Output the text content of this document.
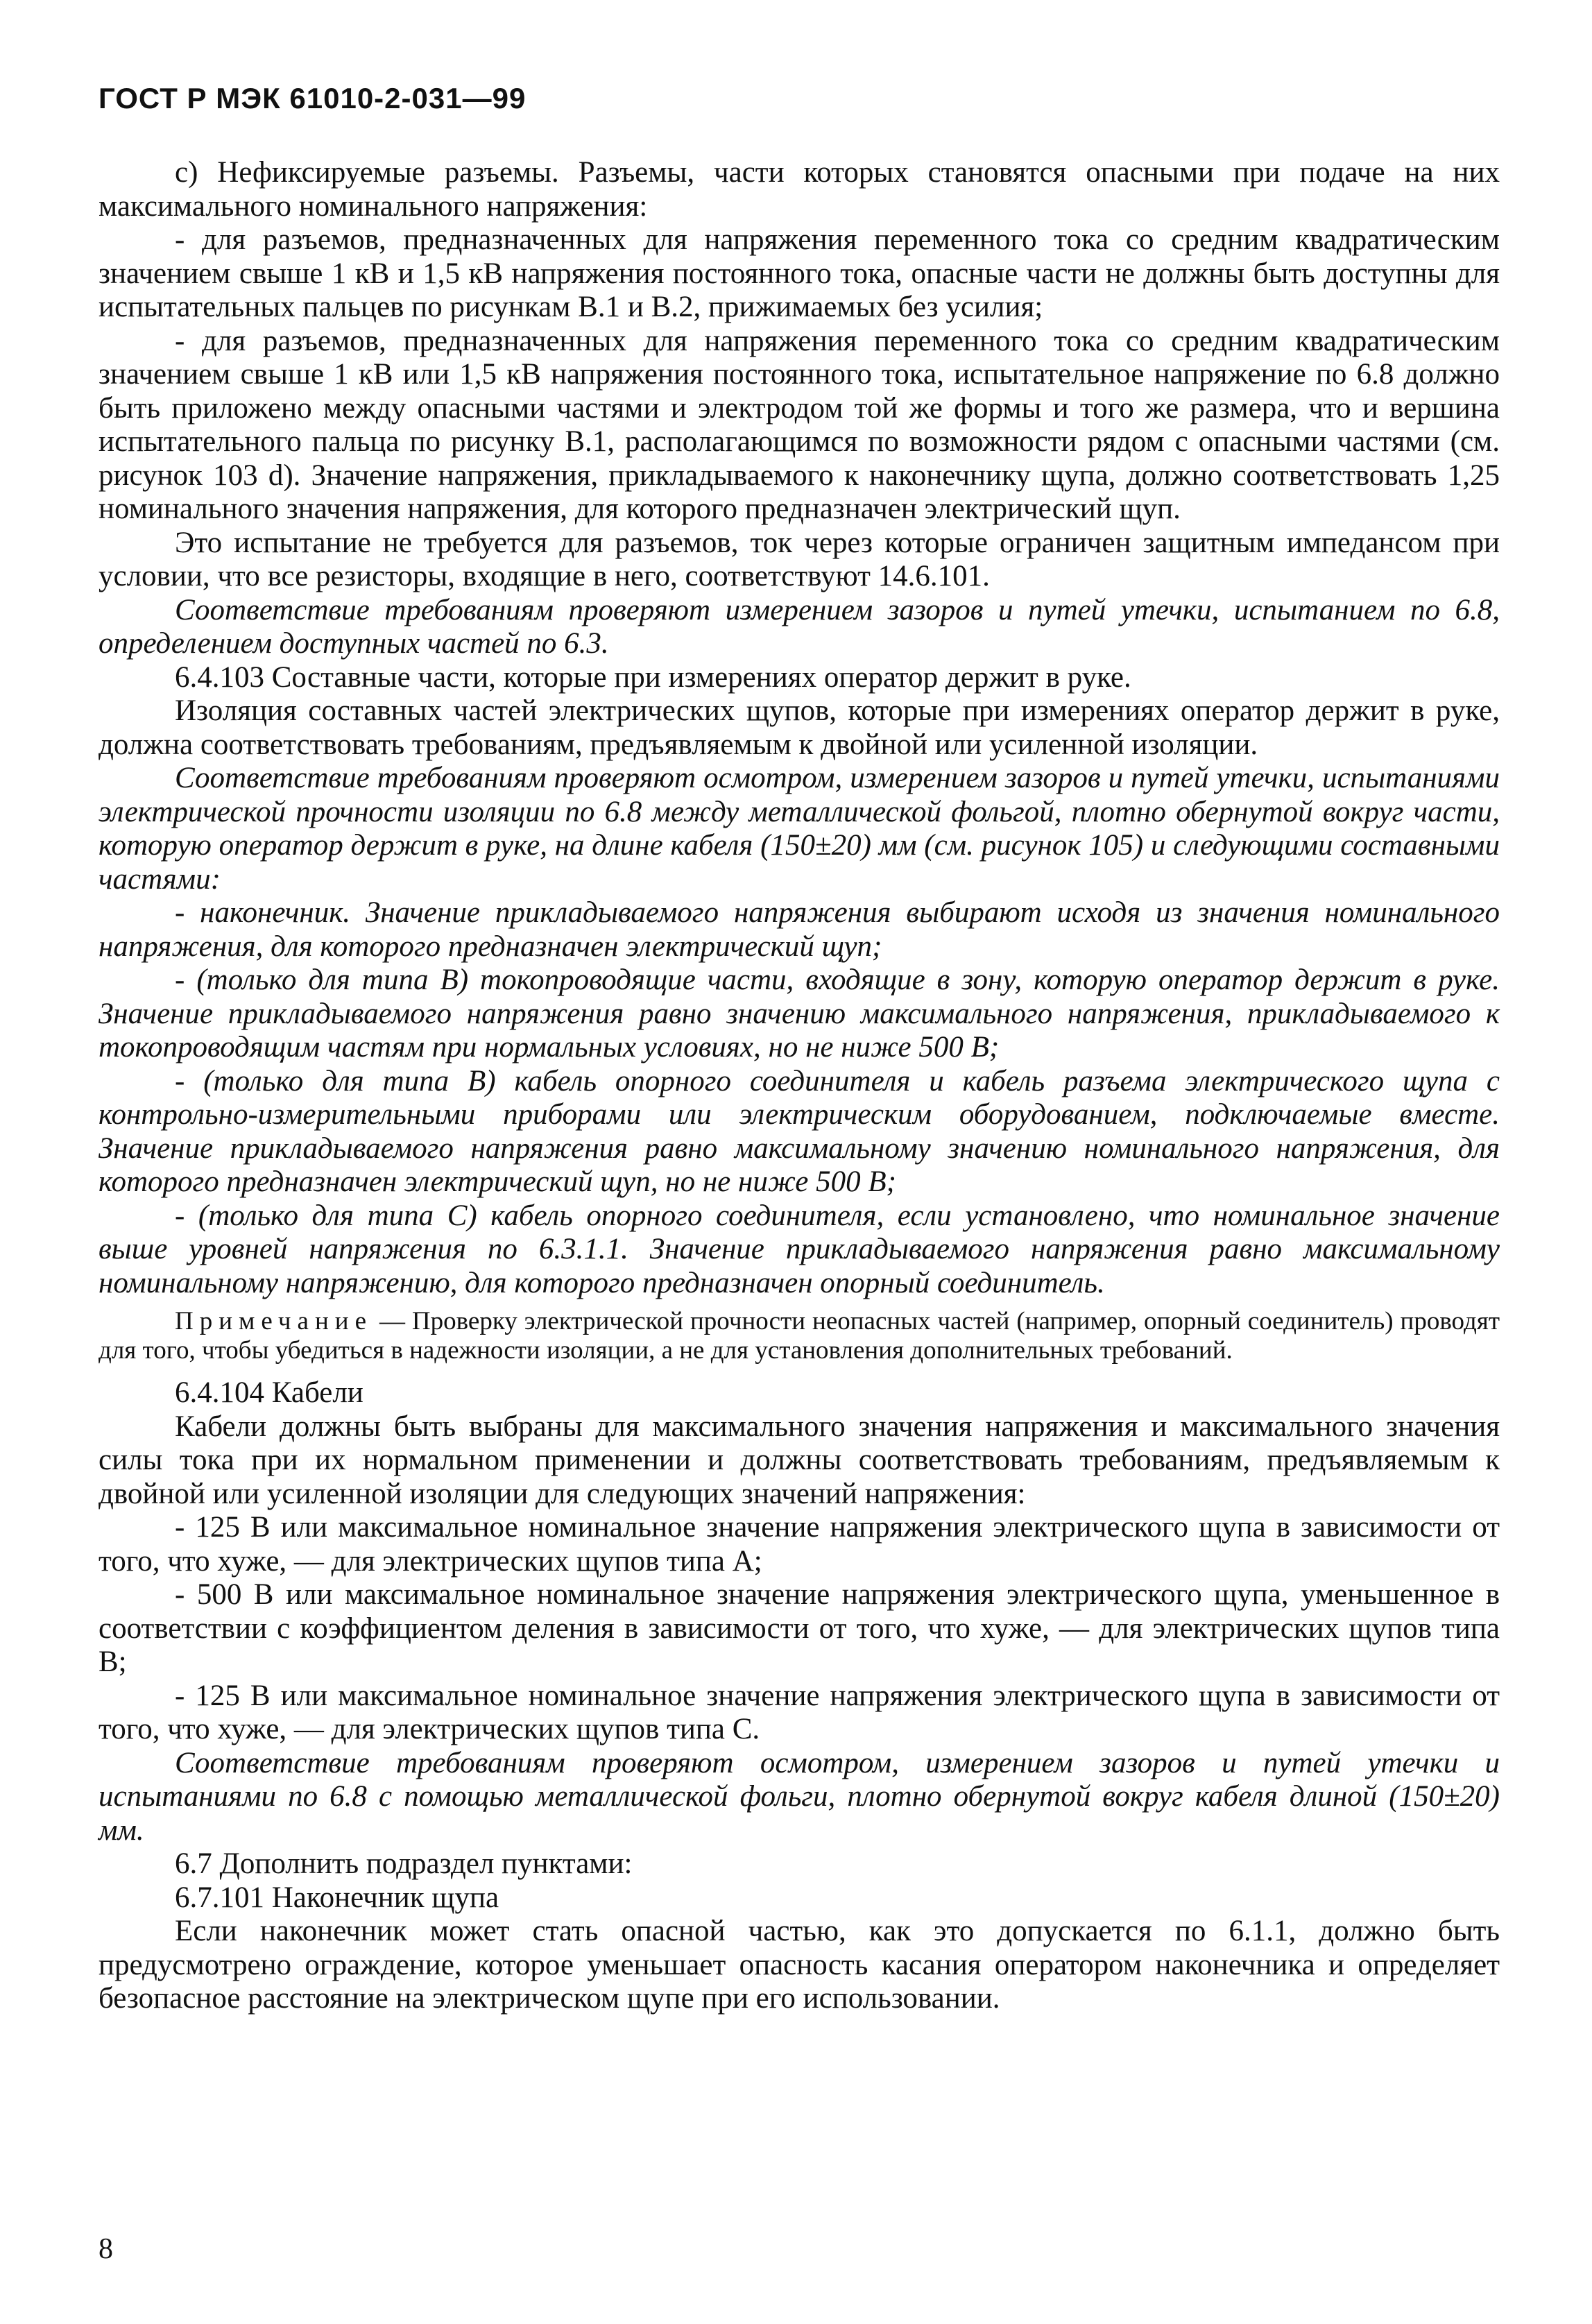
ГОСТ Р МЭК 61010-2-031—99

с) Нефиксируемые разъемы. Разъемы, части которых становятся опасными при подаче на них максимального номинального напряжения:

- для разъемов, предназначенных для напряжения переменного тока со средним квадратическим значением свыше 1 кВ и 1,5 кВ напряжения постоянного тока, опасные части не должны быть доступны для испытательных пальцев по рисункам В.1 и В.2, прижимаемых без усилия;

- для разъемов, предназначенных для напряжения переменного тока со средним квадратическим значением свыше 1 кВ или 1,5 кВ напряжения постоянного тока, испытательное напряжение по 6.8 должно быть приложено между опасными частями и электродом той же формы и того же размера, что и вершина испытательного пальца по рисунку В.1, располагающимся по возможности рядом с опасными частями (см. рисунок 103 d). Значение напряжения, прикладываемого к наконечнику щупа, должно соответствовать 1,25 номинального значения напряжения, для которого предназначен электрический щуп.

Это испытание не требуется для разъемов, ток через которые ограничен защитным импедансом при условии, что все резисторы, входящие в него, соответствуют 14.6.101.

Соответствие требованиям проверяют измерением зазоров и путей утечки, испытанием по 6.8, определением доступных частей по 6.3.

6.4.103 Составные части, которые при измерениях оператор держит в руке.

Изоляция составных частей электрических щупов, которые при измерениях оператор держит в руке, должна соответствовать требованиям, предъявляемым к двойной или усиленной изоляции.

Соответствие требованиям проверяют осмотром, измерением зазоров и путей утечки, испытаниями электрической прочности изоляции по 6.8 между металлической фольгой, плотно обернутой вокруг части, которую оператор держит в руке, на длине кабеля (150±20) мм (см. рисунок 105) и следующими составными частями:

- наконечник. Значение прикладываемого напряжения выбирают исходя из значения номинального напряжения, для которого предназначен электрический щуп;

- (только для типа В) токопроводящие части, входящие в зону, которую оператор держит в руке. Значение прикладываемого напряжения равно значению максимального напряжения, прикладываемого к токопроводящим частям при нормальных условиях, но не ниже 500 В;

- (только для типа В) кабель опорного соединителя и кабель разъема электрического щупа с контрольно-измерительными приборами или электрическим оборудованием, подключаемые вместе. Значение прикладываемого напряжения равно максимальному значению номинального напряжения, для которого предназначен электрический щуп, но не ниже 500 В;

- (только для типа С) кабель опорного соединителя, если установлено, что номинальное значение выше уровней напряжения по 6.3.1.1. Значение прикладываемого напряжения равно максимальному номинальному напряжению, для которого предназначен опорный соединитель.

Примечание — Проверку электрической прочности неопасных частей (например, опорный соединитель) проводят для того, чтобы убедиться в надежности изоляции, а не для установления дополнительных требований.

6.4.104 Кабели

Кабели должны быть выбраны для максимального значения напряжения и максимального значения силы тока при их нормальном применении и должны соответствовать требованиям, предъявляемым к двойной или усиленной изоляции для следующих значений напряжения:

- 125 В или максимальное номинальное значение напряжения электрического щупа в зависимости от того, что хуже, — для электрических щупов типа А;

- 500 В или максимальное номинальное значение напряжения электрического щупа, уменьшенное в соответствии с коэффициентом деления в зависимости от того, что хуже, — для электрических щупов типа В;

- 125 В или максимальное номинальное значение напряжения электрического щупа в зависимости от того, что хуже, — для электрических щупов типа С.

Соответствие требованиям проверяют осмотром, измерением зазоров и путей утечки и испытаниями по 6.8 с помощью металлической фольги, плотно обернутой вокруг кабеля длиной (150±20) мм.

6.7 Дополнить подраздел пунктами:

6.7.101 Наконечник щупа

Если наконечник может стать опасной частью, как это допускается по 6.1.1, должно быть предусмотрено ограждение, которое уменьшает опасность касания оператором наконечника и определяет безопасное расстояние на электрическом щупе при его использовании.

8
